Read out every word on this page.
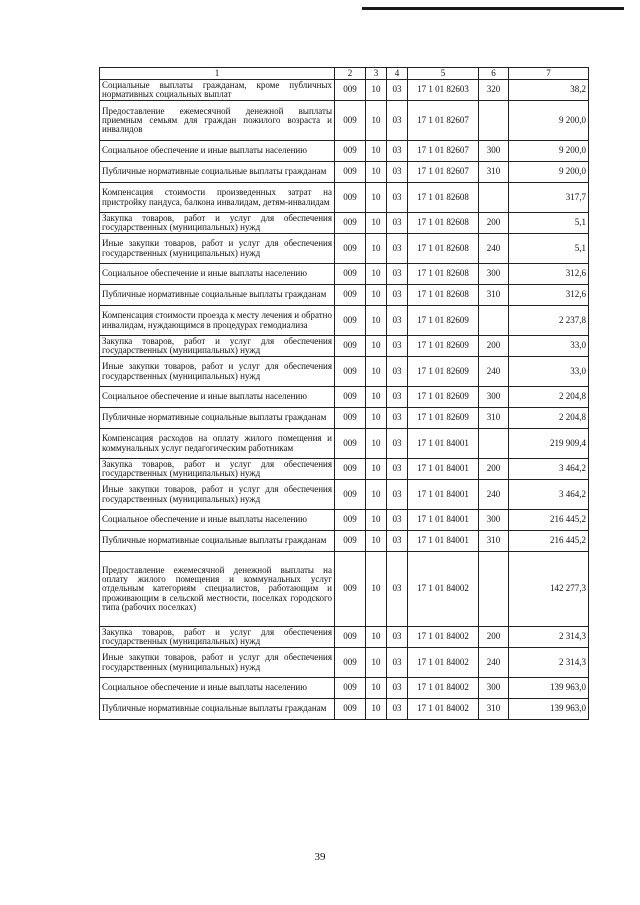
1	2	3	4	5	6	7
Социальные выплаты гражданам, кроме публичных нормативных социальных выплат	009	10	03	17 1 01 82603	320	38,2
Предоставление ежемесячной денежной выплаты приемным семьям для граждан пожилого возраста и инвалидов	009	10	03	17 1 01 82607		9 200,0
Социальное обеспечение и иные выплаты населению	009	10	03	17 1 01 82607	300	9 200,0
Публичные нормативные социальные выплаты гражданам	009	10	03	17 1 01 82607	310	9 200,0
Компенсация стоимости произведенных затрат на пристройку пандуса, балкона инвалидам, детям-инвалидам	009	10	03	17 1 01 82608		317,7
Закупка товаров, работ и услуг для обеспечения государственных (муниципальных) нужд	009	10	03	17 1 01 82608	200	5,1
Иные закупки товаров, работ и услуг для обеспечения государственных (муниципальных) нужд	009	10	03	17 1 01 82608	240	5,1
Социальное обеспечение и иные выплаты населению	009	10	03	17 1 01 82608	300	312,6
Публичные нормативные социальные выплаты гражданам	009	10	03	17 1 01 82608	310	312,6
Компенсация стоимости проезда к месту лечения и обратно инвалидам, нуждающимся в процедурах гемодиализа	009	10	03	17 1 01 82609		2 237,8
Закупка товаров, работ и услуг для обеспечения государственных (муниципальных) нужд	009	10	03	17 1 01 82609	200	33,0
Иные закупки товаров, работ и услуг для обеспечения государственных (муниципальных) нужд	009	10	03	17 1 01 82609	240	33,0
Социальное обеспечение и иные выплаты населению	009	10	03	17 1 01 82609	300	2 204,8
Публичные нормативные социальные выплаты гражданам	009	10	03	17 1 01 82609	310	2 204,8
Компенсация расходов на оплату жилого помещения и коммунальных услуг педагогическим работникам	009	10	03	17 1 01 84001		219 909,4
Закупка товаров, работ и услуг для обеспечения государственных (муниципальных) нужд	009	10	03	17 1 01 84001	200	3 464,2
Иные закупки товаров, работ и услуг для обеспечения государственных (муниципальных) нужд	009	10	03	17 1 01 84001	240	3 464,2
Социальное обеспечение и иные выплаты населению	009	10	03	17 1 01 84001	300	216 445,2
Публичные нормативные социальные выплаты гражданам	009	10	03	17 1 01 84001	310	216 445,2
Предоставление ежемесячной денежной выплаты на оплату жилого помещения и коммунальных услуг отдельным категориям специалистов, работающим и проживающим в сельской местности, поселках городского типа (рабочих поселках)	009	10	03	17 1 01 84002		142 277,3
Закупка товаров, работ и услуг для обеспечения государственных (муниципальных) нужд	009	10	03	17 1 01 84002	200	2 314,3
Иные закупки товаров, работ и услуг для обеспечения государственных (муниципальных) нужд	009	10	03	17 1 01 84002	240	2 314,3
Социальное обеспечение и иные выплаты населению	009	10	03	17 1 01 84002	300	139 963,0
Публичные нормативные социальные выплаты гражданам	009	10	03	17 1 01 84002	310	139 963,0
39
